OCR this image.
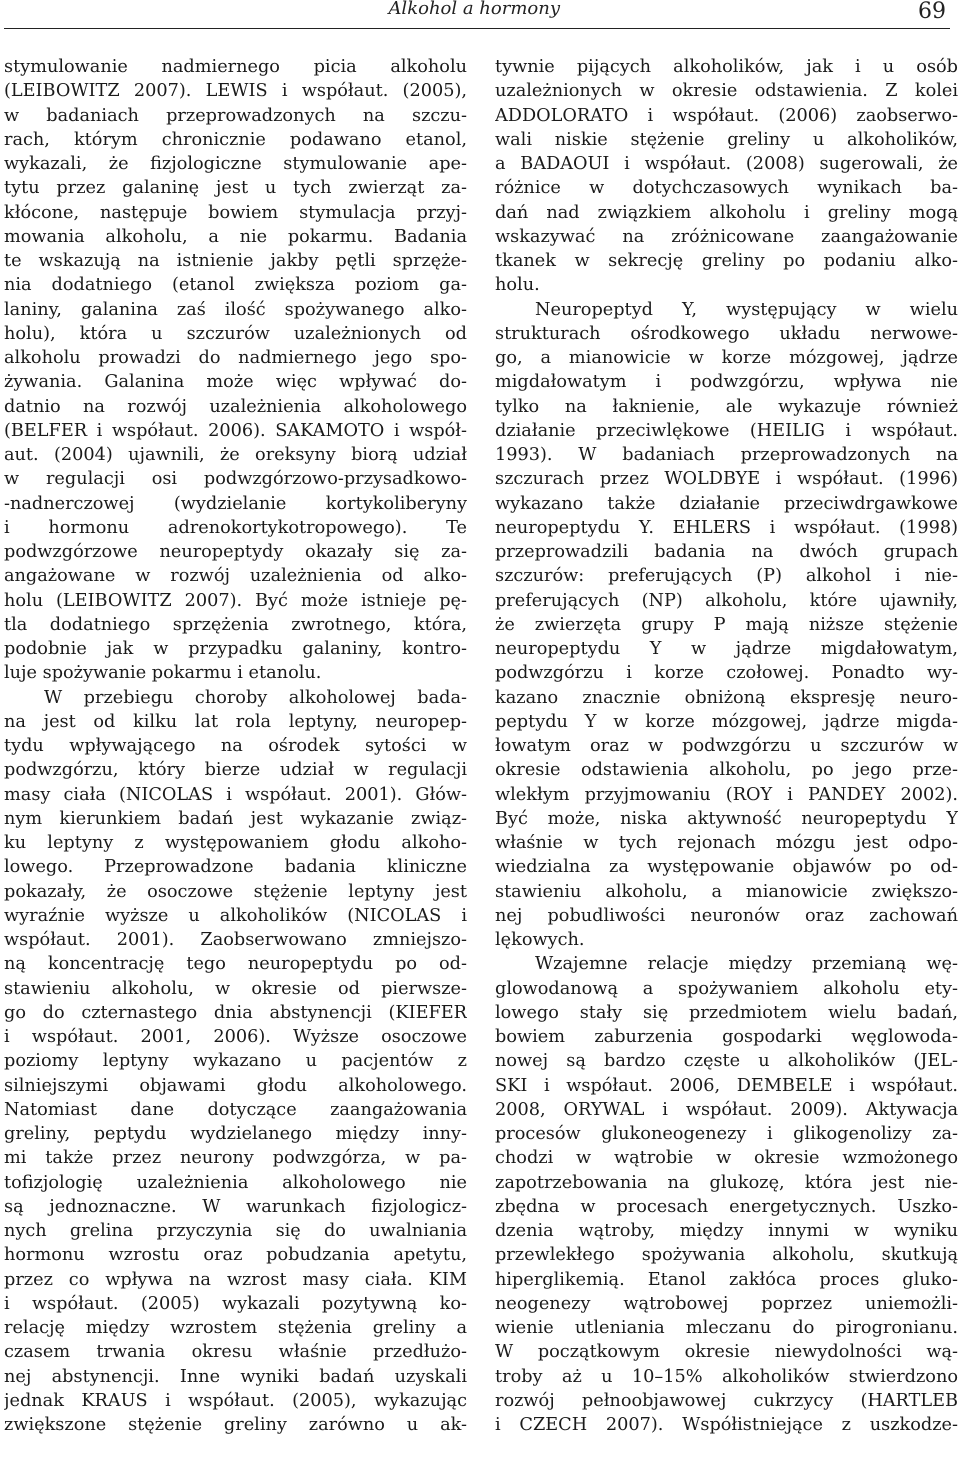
Alkohol a hormony	69
stymulowanie nadmiernego picia alkoholu
(LEIBOWITZ 2007). LEWIS i współaut. (2005),
w badaniach przeprowadzonych na szczu-
rach, którym chronicznie podawano etanol,
wykazali, że fizjologiczne stymulowanie ape-
tytu przez galaninę jest u tych zwierząt za-
kłócone, następuje bowiem stymulacja przyj-
mowania alkoholu, a nie pokarmu. Badania
te wskazują na istnienie jakby pętli sprzęże-
nia dodatniego (etanol zwiększa poziom ga-
laniny, galanina zaś ilość spożywanego alko-
holu), która u szczurów uzależnionych od
alkoholu prowadzi do nadmiernego jego spo-
żywania. Galanina może więc wpływać do-
datnio na rozwój uzależnienia alkoholowego
(BELFER i współaut. 2006). SAKAMOTO i współ-
aut. (2004) ujawnili, że oreksyny biorą udział
w regulacji osi podwzgórzowo-przysadkowo-
-nadnerczowej (wydzielanie kortykoliberyny
i hormonu adrenokortykotropowego). Te
podwzgórzowe neuropeptydy okazały się za-
angażowane w rozwój uzależnienia od alko-
holu (LEIBOWITZ 2007). Być może istnieje pę-
tla dodatniego sprzężenia zwrotnego, która,
podobnie jak w przypadku galaniny, kontro-
luje spożywanie pokarmu i etanolu.
W przebiegu choroby alkoholowej bada-
na jest od kilku lat rola leptyny, neuropep-
tydu wpływającego na ośrodek sytości w
podwzgórzu, który bierze udział w regulacji
masy ciała (NICOLAS i współaut. 2001). Głów-
nym kierunkiem badań jest wykazanie związ-
ku leptyny z występowaniem głodu alkoho-
lowego. Przeprowadzone badania kliniczne
pokazały, że osoczowe stężenie leptyny jest
wyraźnie wyższe u alkoholików (NICOLAS i
współaut. 2001). Zaobserwowano zmniejszo-
ną koncentrację tego neuropeptydu po od-
stawieniu alkoholu, w okresie od pierwsze-
go do czternastego dnia abstynencji (KIEFER
i współaut. 2001, 2006). Wyższe osoczowe
poziomy leptyny wykazano u pacjentów z
silniejszymi objawami głodu alkoholowego.
Natomiast dane dotyczące zaangażowania
greliny, peptydu wydzielanego między inny-
mi także przez neurony podwzgórza, w pa-
tofizjologię uzależnienia alkoholowego nie
są jednoznaczne. W warunkach fizjologicz-
nych grelina przyczynia się do uwalniania
hormonu wzrostu oraz pobudzania apetytu,
przez co wpływa na wzrost masy ciała. KIM
i współaut. (2005) wykazali pozytywną ko-
relację między wzrostem stężenia greliny a
czasem trwania okresu właśnie przedłużo-
nej abstynencji. Inne wyniki badań uzyskali
jednak KRAUS i współaut. (2005), wykazując
zwiększone stężenie greliny zarówno u ak-
tywnie pijących alkoholików, jak i u osób
uzależnionych w okresie odstawienia. Z kolei
ADDOLORATO i współaut. (2006) zaobserwo-
wali niskie stężenie greliny u alkoholików,
a BADAOUI i współaut. (2008) sugerowali, że
różnice w dotychczasowych wynikach ba-
dań nad związkiem alkoholu i greliny mogą
wskazywać na zróżnicowane zaangażowanie
tkanek w sekrecję greliny po podaniu alko-
holu.
Neuropeptyd Y, występujący w wielu
strukturach ośrodkowego układu nerwowe-
go, a mianowicie w korze mózgowej, jądrze
migdałowatym i podwzgórzu, wpływa nie
tylko na łaknienie, ale wykazuje również
działanie przeciwlękowe (HEILIG i współaut.
1993). W badaniach przeprowadzonych na
szczurach przez WOLDBYE i współaut. (1996)
wykazano także działanie przeciwdrgawkowe
neuropeptydu Y. EHLERS i współaut. (1998)
przeprowadzili badania na dwóch grupach
szczurów: preferujących (P) alkohol i nie-
preferujących (NP) alkoholu, które ujawniły,
że zwierzęta grupy P mają niższe stężenie
neuropeptydu Y w jądrze migdałowatym,
podwzgórzu i korze czołowej. Ponadto wy-
kazano znacznie obniżoną ekspresję neuro-
peptydu Y w korze mózgowej, jądrze migda-
łowatym oraz w podwzgórzu u szczurów w
okresie odstawienia alkoholu, po jego prze-
wlekłym przyjmowaniu (ROY i PANDEY 2002).
Być może, niska aktywność neuropeptydu Y
właśnie w tych rejonach mózgu jest odpo-
wiedzialna za występowanie objawów po od-
stawieniu alkoholu, a mianowicie zwiększo-
nej pobudliwości neuronów oraz zachowań
lękowych.
Wzajemne relacje między przemianą wę-
glowodanową a spożywaniem alkoholu ety-
lowego stały się przedmiotem wielu badań,
bowiem zaburzenia gospodarki węglowoda-
nowej są bardzo częste u alkoholików (JEL-
SKI i współaut. 2006, DEMBELE i współaut.
2008, ORYWAL i współaut. 2009). Aktywacja
procesów glukoneogenezy i glikogenolizy za-
chodzi w wątrobie w okresie wzmożonego
zapotrzebowania na glukozę, która jest nie-
zbędna w procesach energetycznych. Uszko-
dzenia wątroby, między innymi w wyniku
przewlekłego spożywania alkoholu, skutkują
hiperglikemią. Etanol zakłóca proces gluko-
neogenezy wątrobowej poprzez uniemożli-
wienie utleniania mleczanu do pirogronianu.
W początkowym okresie niewydolności wą-
troby aż u 10–15% alkoholików stwierdzono
rozwój pełnoobjawowej cukrzycy (HARTLEB
i CZECH 2007). Współistniejące z uszkodze-
